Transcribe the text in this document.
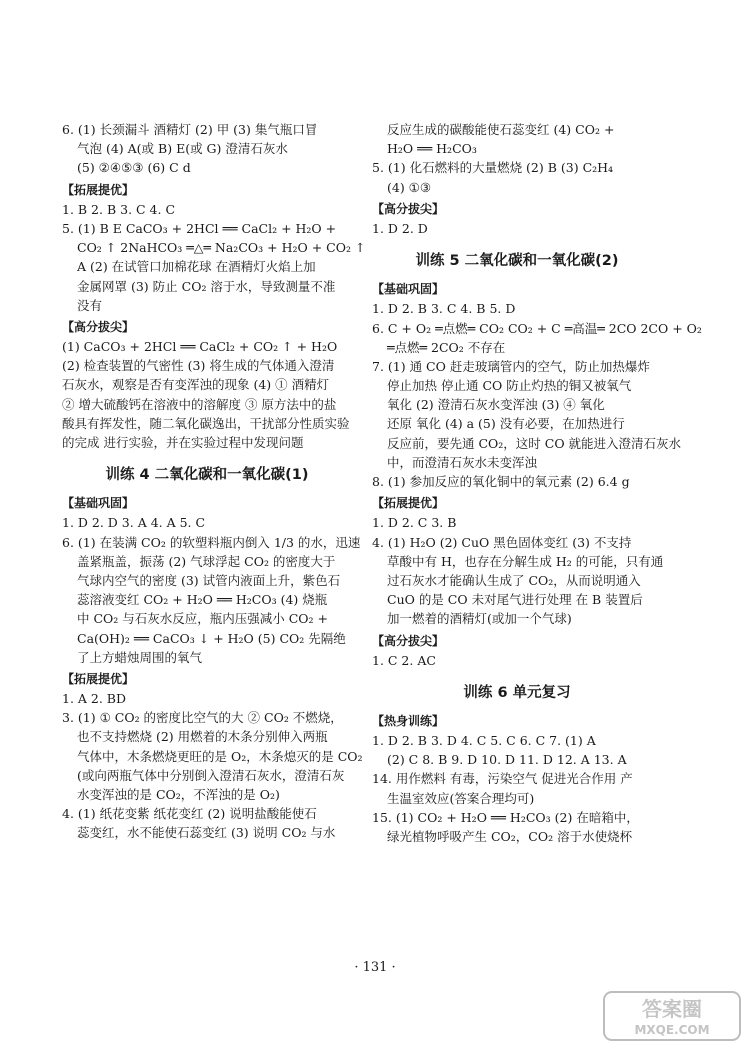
6. (1) 长颈漏斗 酒精灯 (2) 甲 (3) 集气瓶口冒
气泡 (4) A(或 B) E(或 G) 澄清石灰水
(5) ②④⑤③ (6) C d
【拓展提优】
1. B 2. B 3. C 4. C
5. (1) B E CaCO₃ + 2HCl ══ CaCl₂ + H₂O +
CO₂ ↑ 2NaHCO₃ ═△═ Na₂CO₃ + H₂O + CO₂ ↑
A (2) 在试管口加棉花球 在酒精灯火焰上加
金属网罩 (3) 防止 CO₂ 溶于水，导致测量不准
没有
【高分拔尖】
(1) CaCO₃ + 2HCl ══ CaCl₂ + CO₂ ↑ + H₂O
(2) 检查装置的气密性 (3) 将生成的气体通入澄清
石灰水，观察是否有变浑浊的现象 (4) ① 酒精灯
② 增大硫酸钙在溶液中的溶解度 ③ 原方法中的盐
酸具有挥发性，随二氧化碳逸出，干扰部分性质实验
的完成 进行实验，并在实验过程中发现问题
训练 4 二氧化碳和一氧化碳(1)
【基础巩固】
1. D 2. D 3. A 4. A 5. C
6. (1) 在装满 CO₂ 的软塑料瓶内倒入 1/3 的水，迅速
盖紧瓶盖，振荡 (2) 气球浮起 CO₂ 的密度大于
气球内空气的密度 (3) 试管内液面上升，紫色石
蕊溶液变红 CO₂ + H₂O ══ H₂CO₃ (4) 烧瓶
中 CO₂ 与石灰水反应，瓶内压强减小 CO₂ +
Ca(OH)₂ ══ CaCO₃ ↓ + H₂O (5) CO₂ 先隔绝
了上方蜡烛周围的氧气
【拓展提优】
1. A 2. BD
3. (1) ① CO₂ 的密度比空气的大 ② CO₂ 不燃烧，
也不支持燃烧 (2) 用燃着的木条分别伸入两瓶
气体中，木条燃烧更旺的是 O₂，木条熄灭的是 CO₂
(或向两瓶气体中分别倒入澄清石灰水，澄清石灰
水变浑浊的是 CO₂，不浑浊的是 O₂)
4. (1) 纸花变紫 纸花变红 (2) 说明盐酸能使石
蕊变红，水不能使石蕊变红 (3) 说明 CO₂ 与水
反应生成的碳酸能使石蕊变红 (4) CO₂ +
H₂O ══ H₂CO₃
5. (1) 化石燃料的大量燃烧 (2) B (3) C₂H₄
(4) ①③
【高分拔尖】
1. D 2. D
训练 5 二氧化碳和一氧化碳(2)
【基础巩固】
1. D 2. B 3. C 4. B 5. D
6. C + O₂ ═点燃═ CO₂ CO₂ + C ═高温═ 2CO 2CO + O₂
═点燃═ 2CO₂ 不存在
7. (1) 通 CO 赶走玻璃管内的空气，防止加热爆炸
停止加热 停止通 CO 防止灼热的铜又被氧气
氧化 (2) 澄清石灰水变浑浊 (3) ④ 氧化
还原 氧化 (4) a (5) 没有必要，在加热进行
反应前，要先通 CO₂，这时 CO 就能进入澄清石灰水
中，而澄清石灰水未变浑浊
8. (1) 参加反应的氧化铜中的氧元素 (2) 6.4 g
【拓展提优】
1. D 2. C 3. B
4. (1) H₂O (2) CuO 黑色固体变红 (3) 不支持
草酸中有 H，也存在分解生成 H₂ 的可能，只有通
过石灰水才能确认生成了 CO₂，从而说明通入
CuO 的是 CO 未对尾气进行处理 在 B 装置后
加一燃着的酒精灯(或加一个气球)
【高分拔尖】
1. C 2. AC
训练 6 单元复习
【热身训练】
1. D 2. B 3. D 4. C 5. C 6. C 7. (1) A
(2) C 8. B 9. D 10. D 11. D 12. A 13. A
14. 用作燃料 有毒，污染空气 促进光合作用 产
生温室效应(答案合理均可)
15. (1) CO₂ + H₂O ══ H₂CO₃ (2) 在暗箱中，
绿光植物呼吸产生 CO₂，CO₂ 溶于水使烧杯
· 131 ·
答案圈
MXQE.COM
